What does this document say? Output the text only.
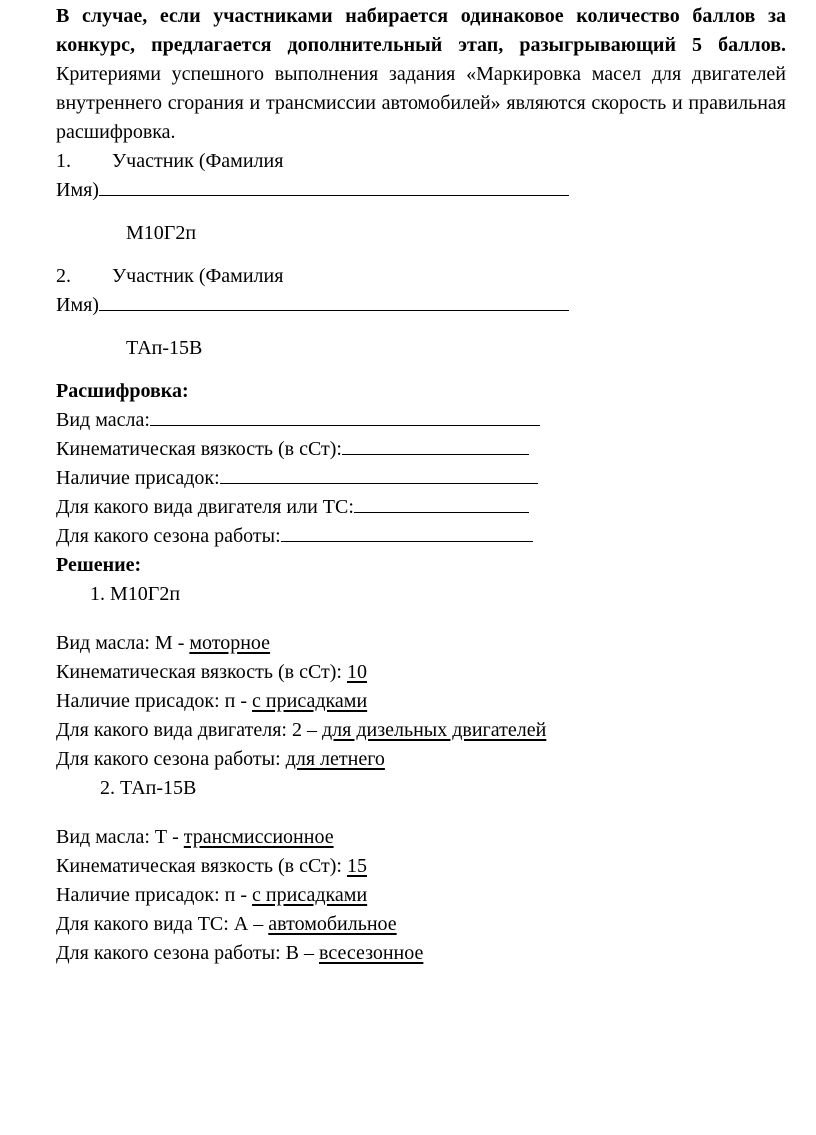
В случае, если участниками набирается одинаковое количество баллов за конкурс, предлагается дополнительный этап, разыгрывающий 5 баллов. Критериями успешного выполнения задания «Маркировка масел для двигателей внутреннего сгорания и трансмиссии автомобилей» являются скорость и правильная расшифровка.

1.	Участник (Фамилия
Имя)
М10Г2п
2.	Участник (Фамилия
Имя)
ТАп-15В
Расшифровка:
Вид масла:
Кинематическая вязкость (в сСт):
Наличие присадок:
Для какого вида двигателя или ТС:
Для какого сезона работы:
Решение:
1. М10Г2п
Вид масла: М - моторное
Кинематическая вязкость (в сСт): 10
Наличие присадок: п - с присадками
Для какого вида двигателя: 2 – для дизельных двигателей
Для какого сезона работы: для летнего
2. ТАп-15В
Вид масла: Т - трансмиссионное
Кинематическая вязкость (в сСт): 15
Наличие присадок: п - с присадками
Для какого вида ТС: А – автомобильное
Для какого сезона работы: В – всесезонное
